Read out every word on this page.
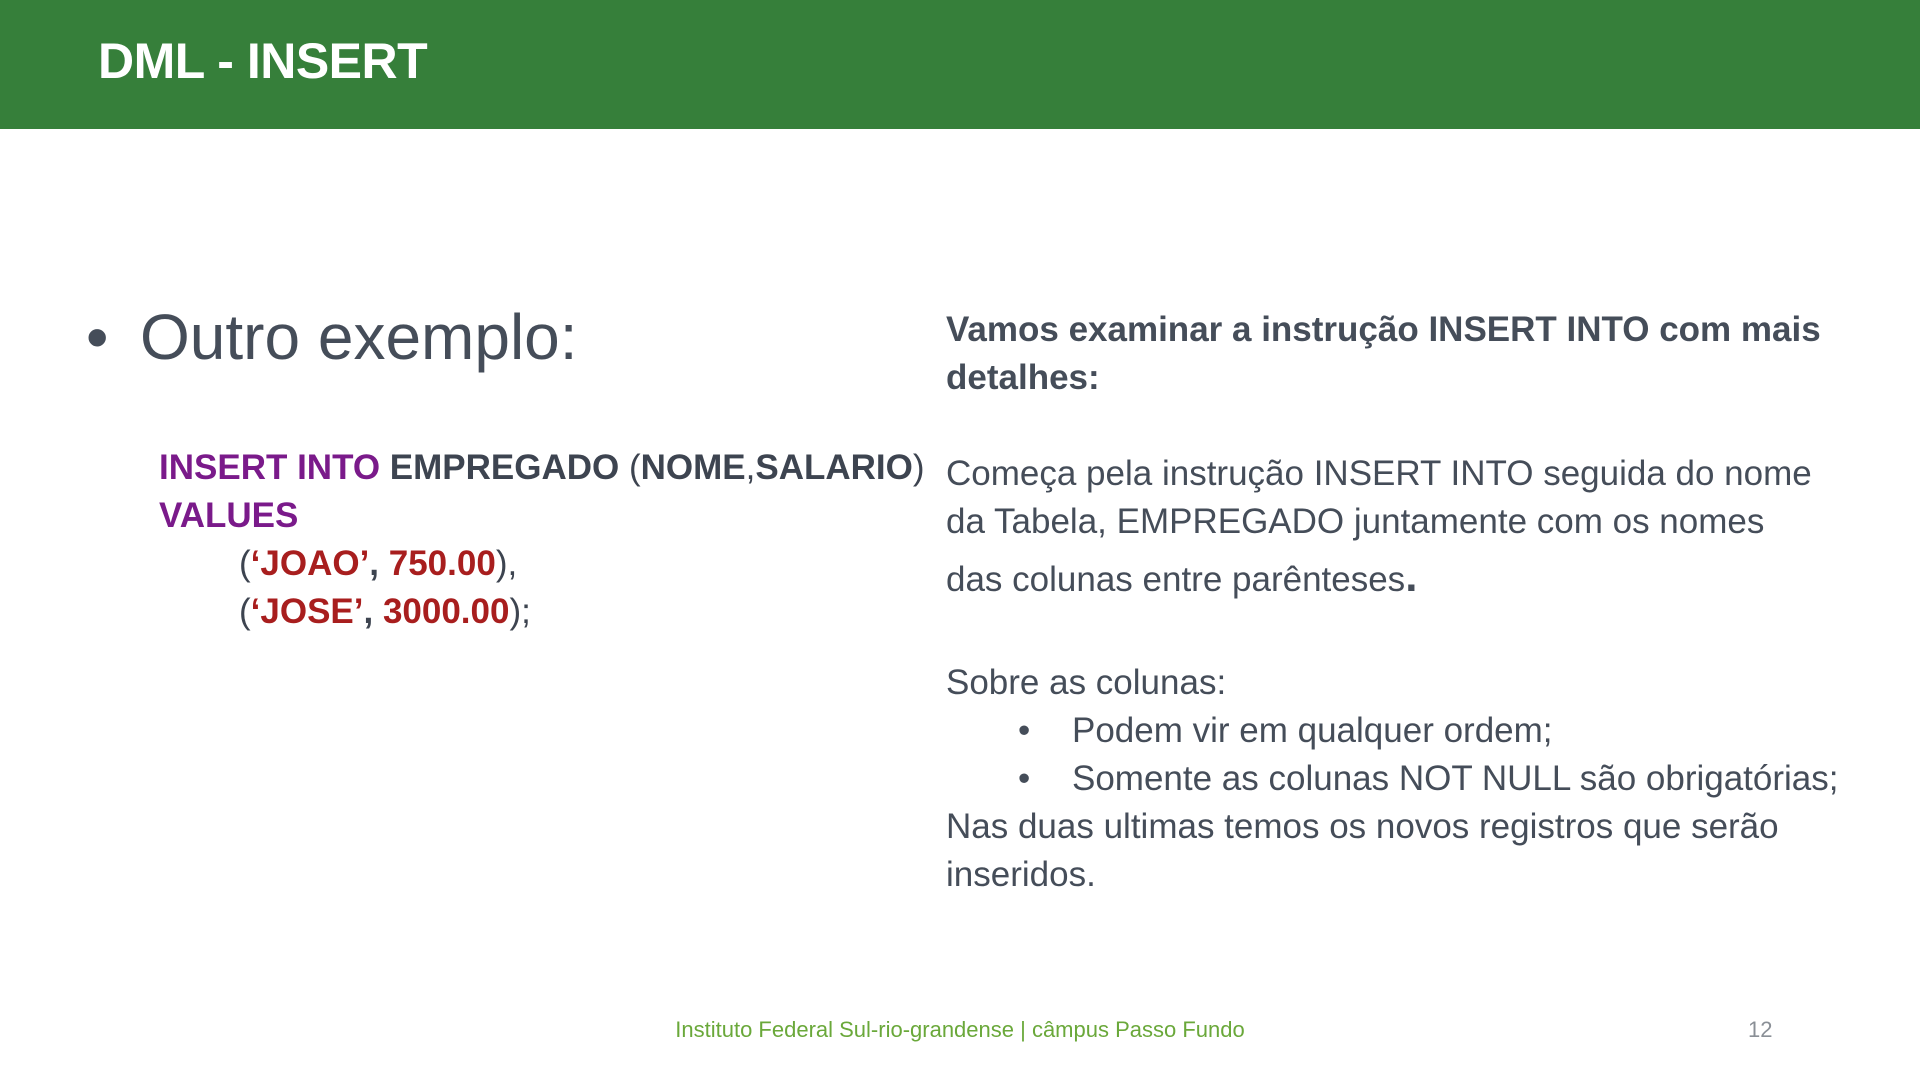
DML - INSERT
• Outro exemplo:
INSERT INTO EMPREGADO (NOME,SALARIO)
VALUES
(‘JOAO’, 750.00),
(‘JOSE’, 3000.00);

Vamos examinar a instrução INSERT INTO com mais detalhes:

Começa pela instrução INSERT INTO seguida do nome da Tabela, EMPREGADO juntamente com os nomes

das colunas entre parênteses.

Sobre as colunas:

• Podem vir em qualquer ordem;
• Somente as colunas NOT NULL são obrigatórias;

Nas duas ultimas temos os novos registros que serão inseridos.

Instituto Federal Sul-rio-grandense | câmpus Passo Fundo	12
